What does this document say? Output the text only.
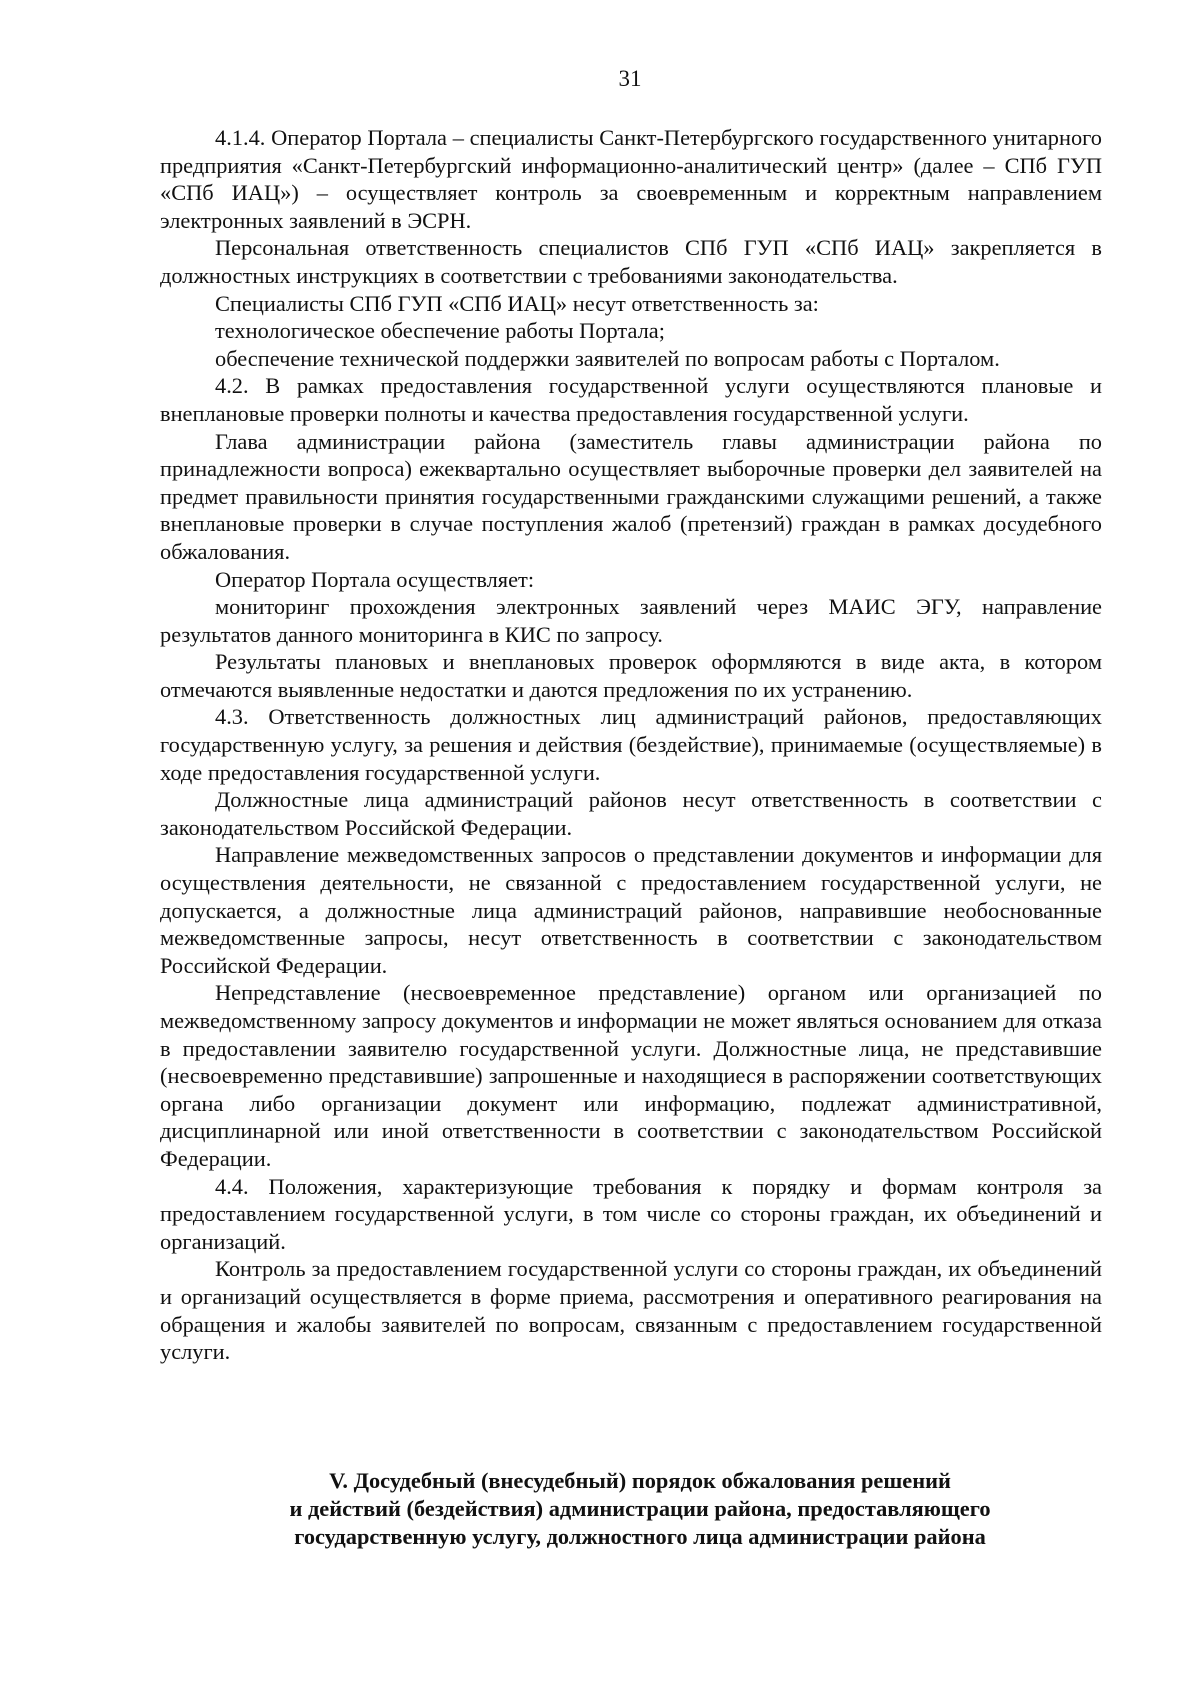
31

4.1.4. Оператор Портала – специалисты Санкт-Петербургского государственного унитарного предприятия «Санкт-Петербургский информационно-аналитический центр» (далее – СПб ГУП «СПб ИАЦ») – осуществляет контроль за своевременным и корректным направлением электронных заявлений в ЭСРН.

Персональная ответственность специалистов СПб ГУП «СПб ИАЦ» закрепляется в должностных инструкциях в соответствии с требованиями законодательства.

Специалисты СПб ГУП «СПб ИАЦ» несут ответственность за:

технологическое обеспечение работы Портала;

обеспечение технической поддержки заявителей по вопросам работы с Порталом.

4.2. В рамках предоставления государственной услуги осуществляются плановые и внеплановые проверки полноты и качества предоставления государственной услуги.

Глава администрации района (заместитель главы администрации района по принадлежности вопроса) ежеквартально осуществляет выборочные проверки дел заявителей на предмет правильности принятия государственными гражданскими служащими решений, а также внеплановые проверки в случае поступления жалоб (претензий) граждан в рамках досудебного обжалования.

Оператор Портала осуществляет:

мониторинг прохождения электронных заявлений через МАИС ЭГУ, направление результатов данного мониторинга в КИС по запросу.

Результаты плановых и внеплановых проверок оформляются в виде акта, в котором отмечаются выявленные недостатки и даются предложения по их устранению.

4.3. Ответственность должностных лиц администраций районов, предоставляющих государственную услугу, за решения и действия (бездействие), принимаемые (осуществляемые) в ходе предоставления государственной услуги.

Должностные лица администраций районов несут ответственность в соответствии с законодательством Российской Федерации.

Направление межведомственных запросов о представлении документов и информации для осуществления деятельности, не связанной с предоставлением государственной услуги, не допускается, а должностные лица администраций районов, направившие необоснованные межведомственные запросы, несут ответственность в соответствии с законодательством Российской Федерации.

Непредставление (несвоевременное представление) органом или организацией по межведомственному запросу документов и информации не может являться основанием для отказа в предоставлении заявителю государственной услуги. Должностные лица, не представившие (несвоевременно представившие) запрошенные и находящиеся в распоряжении соответствующих органа либо организации документ или информацию, подлежат административной, дисциплинарной или иной ответственности в соответствии с законодательством Российской Федерации.

4.4. Положения, характеризующие требования к порядку и формам контроля за предоставлением государственной услуги, в том числе со стороны граждан, их объединений и организаций.

Контроль за предоставлением государственной услуги со стороны граждан, их объединений и организаций осуществляется в форме приема, рассмотрения и оперативного реагирования на обращения и жалобы заявителей по вопросам, связанным с предоставлением государственной услуги.

V. Досудебный (внесудебный) порядок обжалования решений
и действий (бездействия) администрации района, предоставляющего
государственную услугу, должностного лица администрации района
